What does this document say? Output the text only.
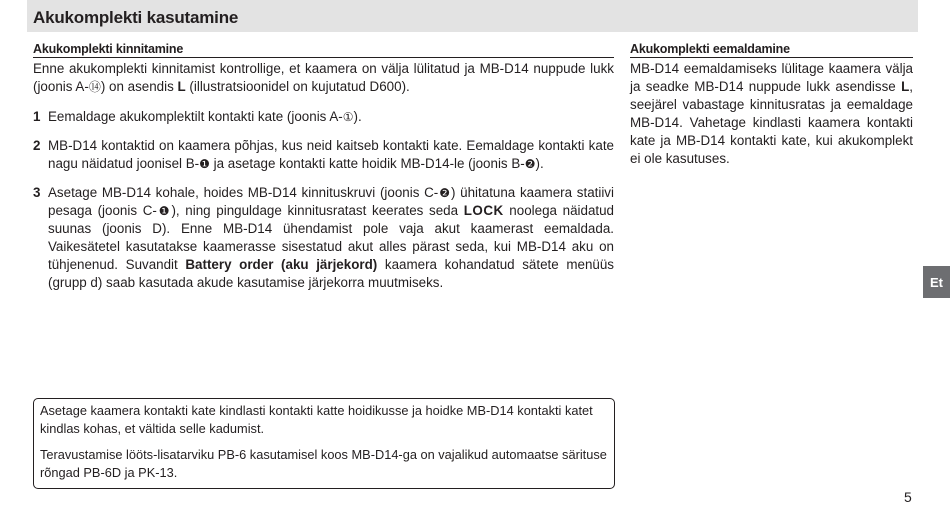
Akukomplekti kasutamine
Akukomplekti kinnitamine
Enne akukomplekti kinnitamist kontrollige, et kaamera on välja lülitatud ja MB-D14 nuppude lukk (joonis A-⑭) on asendis L (illustratsioonidel on kujutatud D600).
1 Eemaldage akukomplektilt kontakti kate (joonis A-①).
2 MB-D14 kontaktid on kaamera põhjas, kus neid kaitseb kontakti kate. Eemaldage kontakti kate nagu näidatud joonisel B-❶ ja asetage kontakti katte hoidik MB-D14-le (joonis B-❷).
3 Asetage MB-D14 kohale, hoides MB-D14 kinnituskruvi (joonis C-❷) ühitatuna kaamera statiivi pesaga (joonis C-❶), ning pinguldage kinnitusratast keerates seda LOCK noolega näidatud suunas (joonis D). Enne MB-D14 ühendamist pole vaja akut kaamerast eemaldada. Vaikesätetel kasutatakse kaamerasse sisestatud akut alles pärast seda, kui MB-D14 aku on tühjenenud. Suvandit Battery order (aku järjekord) kaamera kohandatud sätete menüüs (grupp d) saab kasutada akude kasutamise järjekorra muutmiseks.
Akukomplekti eemaldamine
MB-D14 eemaldamiseks lülitage kaamera välja ja seadke MB-D14 nuppude lukk asendisse L, seejärel vabastage kinnitusratas ja eemaldage MB-D14. Vahetage kindlasti kaamera kontakti kate ja MB-D14 kontakti kate, kui akukomplekt ei ole kasutuses.

Asetage kaamera kontakti kate kindlasti kontakti katte hoidikusse ja hoidke MB-D14 kontakti katet kindlas kohas, et vältida selle kadumist.

Teravustamise lööts-lisatarviku PB-6 kasutamisel koos MB-D14-ga on vajalikud automaatse särituse rõngad PB-6D ja PK-13.

Et
5
